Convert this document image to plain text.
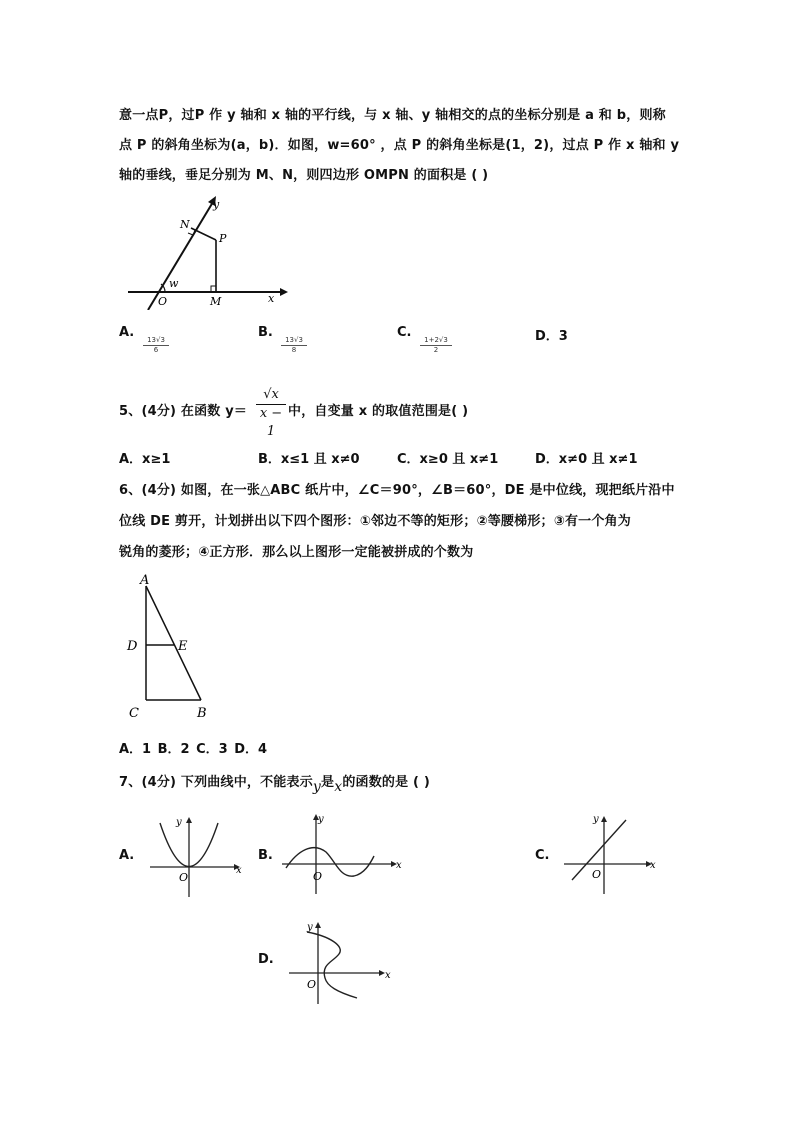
意一点P，过P 作 y 轴和 x 轴的平行线，与 x 轴、y 轴相交的点的坐标分别是 a 和 b，则称
点 P 的斜角坐标为(a，b)．如图，w=60° ，点 P 的斜角坐标是(1，2)，过点 P 作 x 轴和 y
轴的垂线，垂足分别为 M、N，则四边形 OMPN 的面积是 ( )
y
N
P
w
O	M	x
A.
$\frac{13√3}{6}$
B.
$\frac{13√3}{8}$
C.
$\frac{1+2√3}{2}$	D．3
5、(4分) 在函数 $y= \frac{√x}{x - 1}$ 中，自变量 x 的取值范围是( )
A．x≥1	B．x≤1 且 x≠0	C．x≥0 且 x≠1	D．x≠0 且 x≠1
6、(4分) 如图，在一张△ABC 纸片中，∠C＝90°，∠B＝60°，DE 是中位线，现把纸片沿中
位线 DE 剪开，计划拼出以下四个图形：①邻边不等的矩形；②等腰梯形；③有一个角为
锐角的菱形；④正方形．那么以上图形一定能被拼成的个数为
A
D	E
C	B
A．1 B．2 C．3 D．4
7、(4分) 下列曲线中，不能表示y是x的函数的是 ( )
A.
O
x
y
B.
O
x
y
C.
O
x
y
D.
O
x
y
